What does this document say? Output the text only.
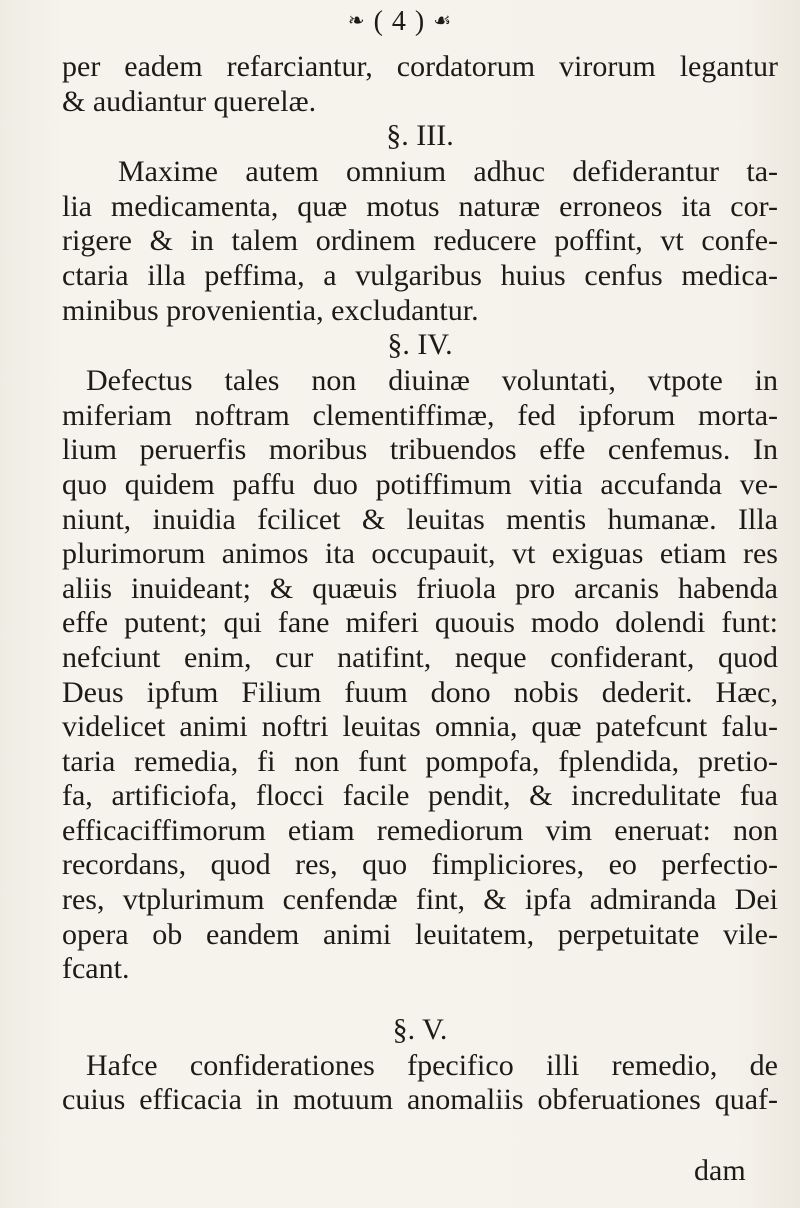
❧ ( 4 ) ☙
per eadem refarciantur, cordatorum virorum legantur
& audiantur querelæ.
§. III.
Maxime autem omnium adhuc defiderantur ta-
lia medicamenta, quæ motus naturæ erroneos ita cor-
rigere & in talem ordinem reducere poffint, vt confe-
ctaria illa peffima, a vulgaribus huius cenfus medica-
minibus provenientia, excludantur.
§. IV.
Defectus tales non diuinæ voluntati, vtpote in
miferiam noftram clementiffimæ, fed ipforum morta-
lium peruerfis moribus tribuendos effe cenfemus. In
quo quidem paffu duo potiffimum vitia accufanda ve-
niunt, inuidia fcilicet & leuitas mentis humanæ. Illa
plurimorum animos ita occupauit, vt exiguas etiam res
aliis inuideant; & quæuis friuola pro arcanis habenda
effe putent; qui fane miferi quouis modo dolendi funt:
nefciunt enim, cur natifint, neque confiderant, quod
Deus ipfum Filium fuum dono nobis dederit. Hæc,
videlicet animi noftri leuitas omnia, quæ patefcunt falu-
taria remedia, fi non funt pompofa, fplendida, pretio-
fa, artificiofa, flocci facile pendit, & incredulitate fua
efficaciffimorum etiam remediorum vim eneruat: non
recordans, quod res, quo fimpliciores, eo perfectio-
res, vtplurimum cenfendæ fint, & ipfa admiranda Dei
opera ob eandem animi leuitatem, perpetuitate vile-
fcant.
§. V.
Hafce confiderationes fpecifico illi remedio, de
cuius efficacia in motuum anomaliis obferuationes quaf-
dam
